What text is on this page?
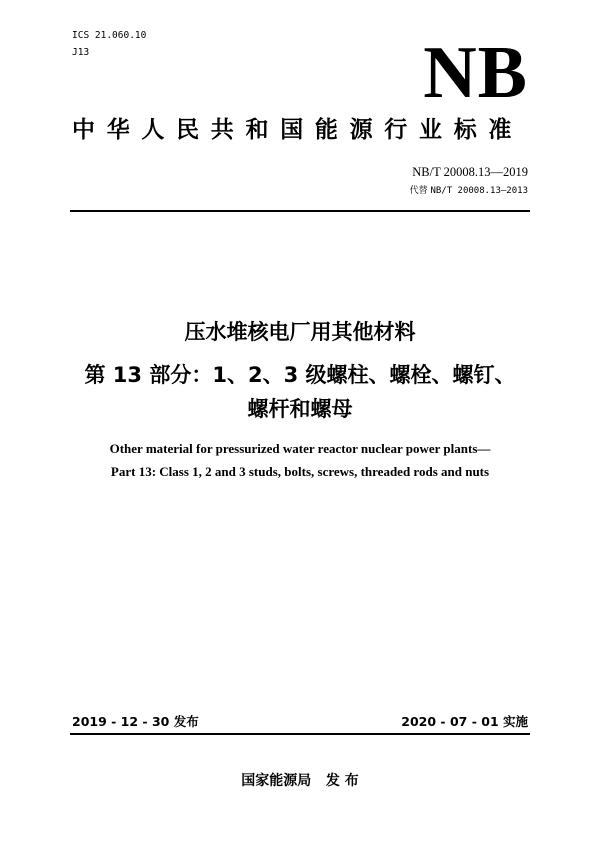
ICS 21.060.10
J13	NB
中华人民共和国能源行业标准
NB/T 20008.13—2019
代替 NB/T 20008.13—2013
压水堆核电厂用其他材料
第 13 部分：1、2、3 级螺柱、螺栓、螺钉、
螺杆和螺母
Other material for pressurized water reactor nuclear power plants—
Part 13: Class 1, 2 and 3 studs, bolts, screws, threaded rods and nuts
2019 - 12 - 30 发布	2020 - 07 - 01 实施
国家能源局   发 布
